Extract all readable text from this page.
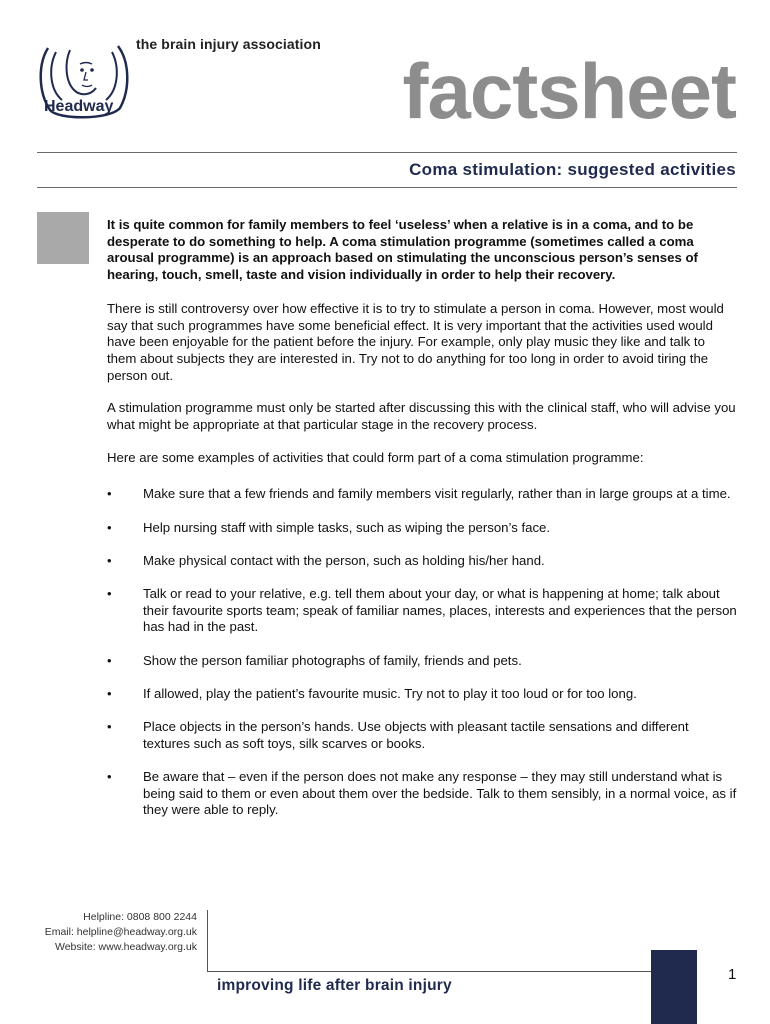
Headway
the brain injury association
factsheet
Coma stimulation: suggested activities

It is quite common for family members to feel ‘useless’ when a relative is in a coma, and to be desperate to do something to help. A coma stimulation programme (sometimes called a coma arousal programme) is an approach based on stimulating the unconscious person’s senses of hearing, touch, smell, taste and vision individually in order to help their recovery.

There is still controversy over how effective it is to try to stimulate a person in coma. However, most would say that such programmes have some beneficial effect. It is very important that the activities used would have been enjoyable for the patient before the injury. For example, only play music they like and talk to them about subjects they are interested in. Try not to do anything for too long in order to avoid tiring the person out.

A stimulation programme must only be started after discussing this with the clinical staff, who will advise you what might be appropriate at that particular stage in the recovery process.

Here are some examples of activities that could form part of a coma stimulation programme:

• Make sure that a few friends and family members visit regularly, rather than in large groups at a time.
• Help nursing staff with simple tasks, such as wiping the person’s face.
• Make physical contact with the person, such as holding his/her hand.
• Talk or read to your relative, e.g. tell them about your day, or what is happening at home; talk about their favourite sports team; speak of familiar names, places, interests and experiences that the person has had in the past.
• Show the person familiar photographs of family, friends and pets.
• If allowed, play the patient’s favourite music. Try not to play it too loud or for too long.
• Place objects in the person’s hands. Use objects with pleasant tactile sensations and different textures such as soft toys, silk scarves or books.
• Be aware that – even if the person does not make any response – they may still understand what is being said to them or even about them over the bedside. Talk to them sensibly, in a normal voice, as if they were able to reply.
Helpline: 0808 800 2244
Email: helpline@headway.org.uk
Website: www.headway.org.uk
improving life after brain injury
1
